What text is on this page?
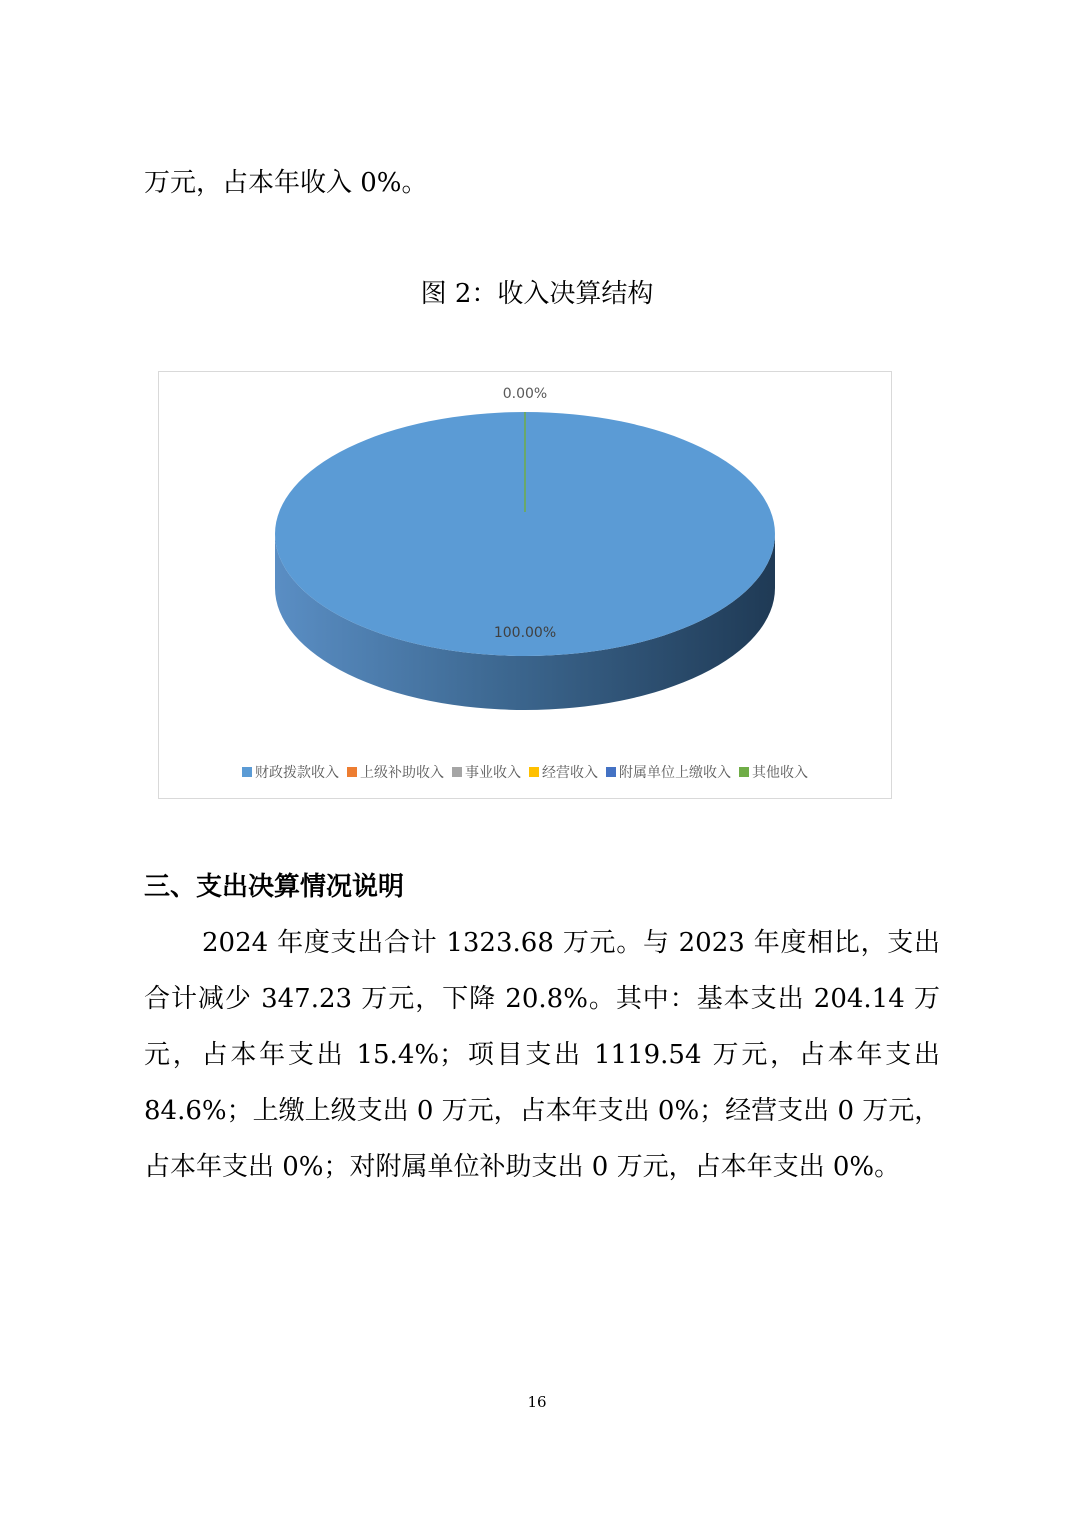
万元，占本年收入 0%。
图 2：收入决算结构
0.00%
100.00%
财政拨款收入 上级补助收入 事业收入 经营收入 附属单位上缴收入 其他收入
三、支出决算情况说明
2024 年度支出合计 1323.68 万元。与 2023 年度相比，支出
合计减少 347.23 万元，下降 20.8%。其中：基本支出 204.14 万
元，占本年支出 15.4%；项目支出 1119.54 万元，占本年支出
84.6%；上缴上级支出 0 万元，占本年支出 0%；经营支出 0 万元，
占本年支出 0%；对附属单位补助支出 0 万元，占本年支出 0%。
16
